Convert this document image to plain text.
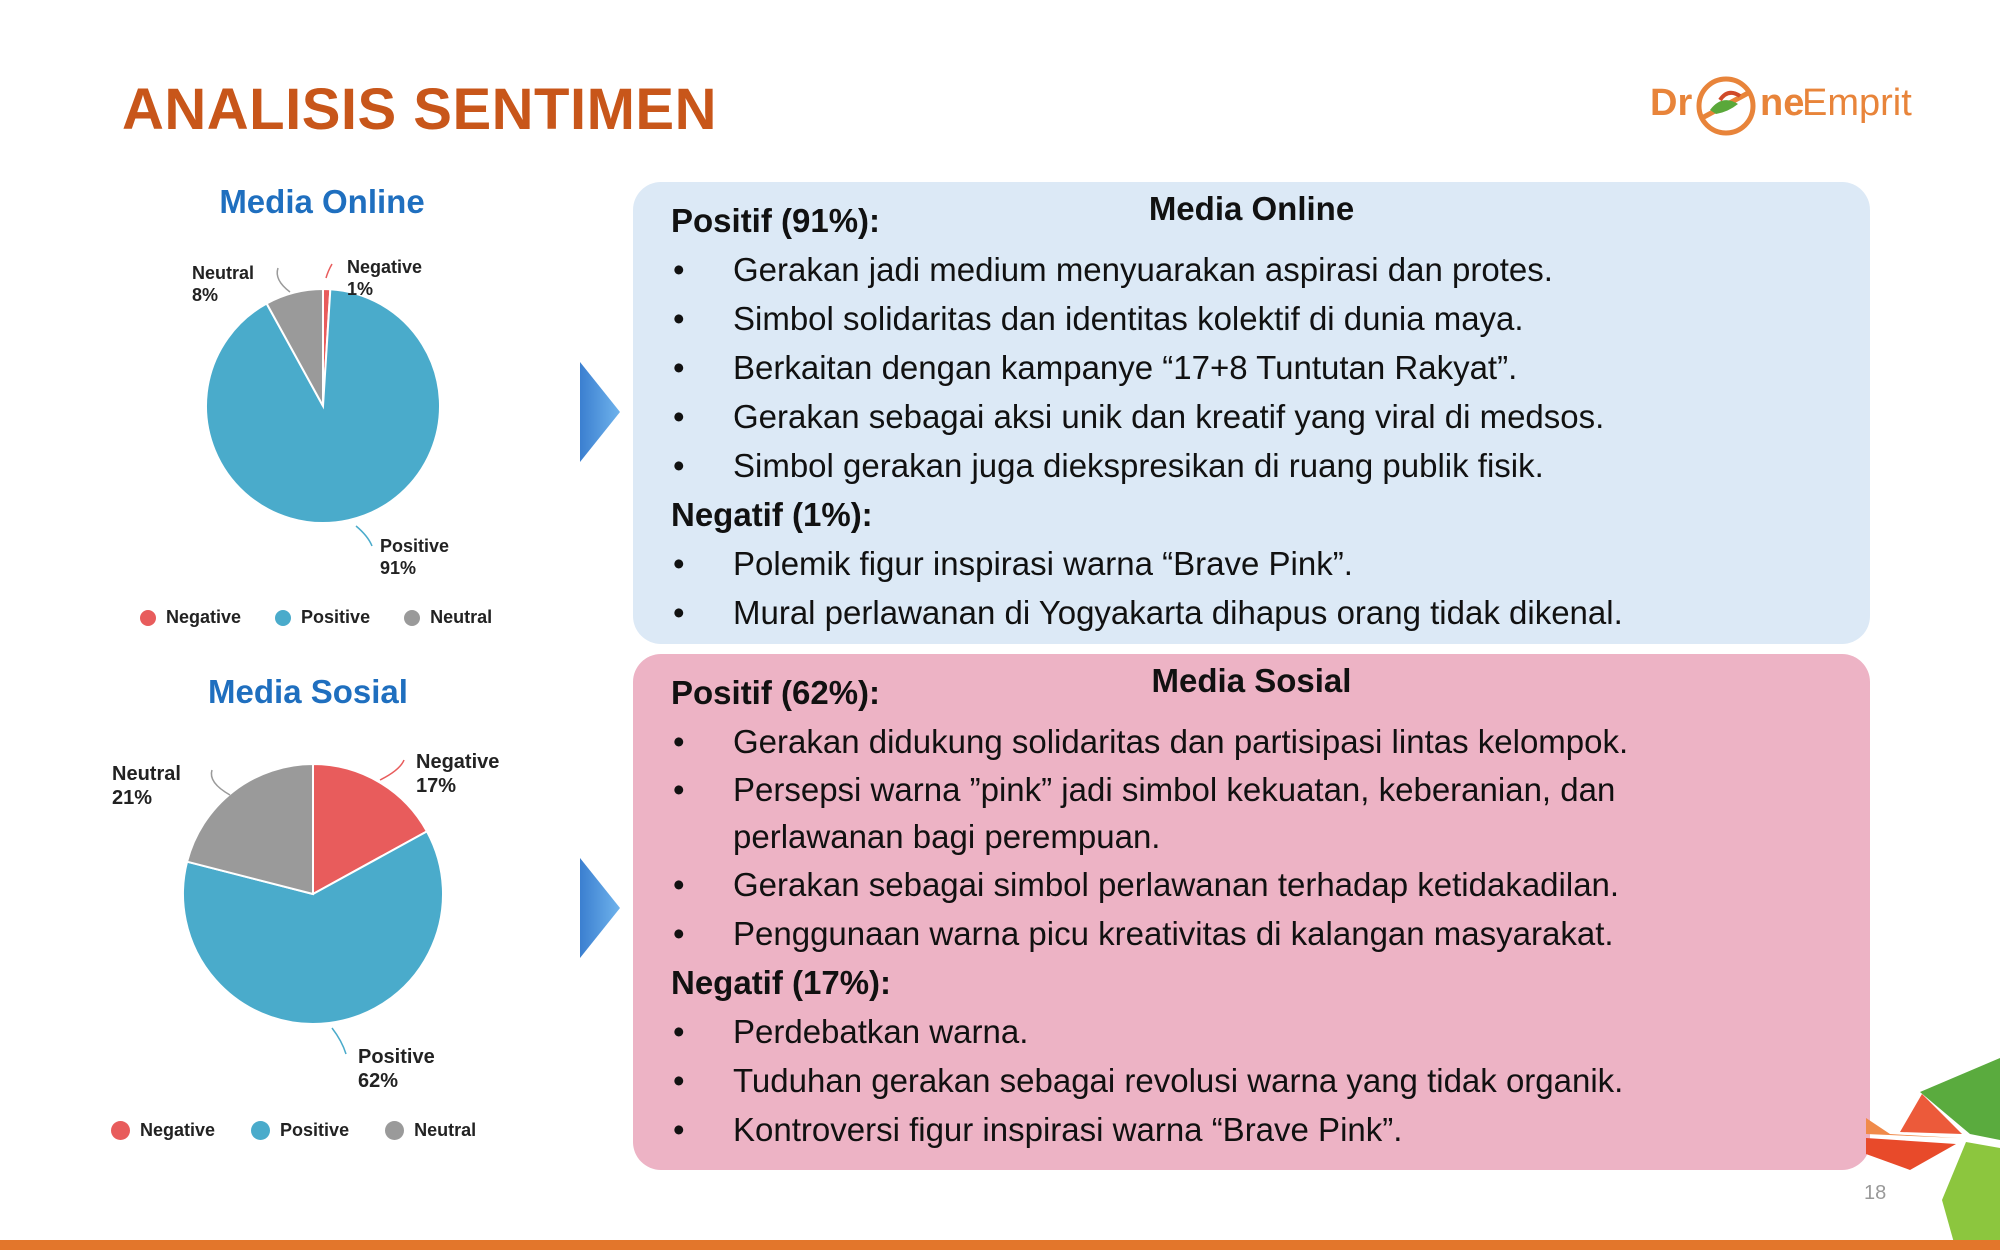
ANALISIS SENTIMEN	Dr ne
Emprit
Media Online
Negative 1%
Positive 91%
Neutral 8%
Negative	Positive	Neutral
Media Sosial
Negative 17%
Positive 62%
Neutral 21%
Negative	Positive	Neutral
Media Online

Positif (91%):

• Gerakan jadi medium menyuarakan aspirasi dan protes.
• Simbol solidaritas dan identitas kolektif di dunia maya.
• Berkaitan dengan kampanye “17+8 Tuntutan Rakyat”.
• Gerakan sebagai aksi unik dan kreatif yang viral di medsos.
• Simbol gerakan juga diekspresikan di ruang publik fisik.

Negatif (1%):

• Polemik figur inspirasi warna “Brave Pink”.
• Mural perlawanan di Yogyakarta dihapus orang tidak dikenal.
Media Sosial

Positif (62%):

• Gerakan didukung solidaritas dan partisipasi lintas kelompok.
• Persepsi warna ”pink” jadi simbol kekuatan, keberanian, dan perlawanan bagi perempuan.
• Gerakan sebagai simbol perlawanan terhadap ketidakadilan.
• Penggunaan warna picu kreativitas di kalangan masyarakat.

Negatif (17%):

• Perdebatkan warna.
• Tuduhan gerakan sebagai revolusi warna yang tidak organik.
• Kontroversi figur inspirasi warna “Brave Pink”.
18
